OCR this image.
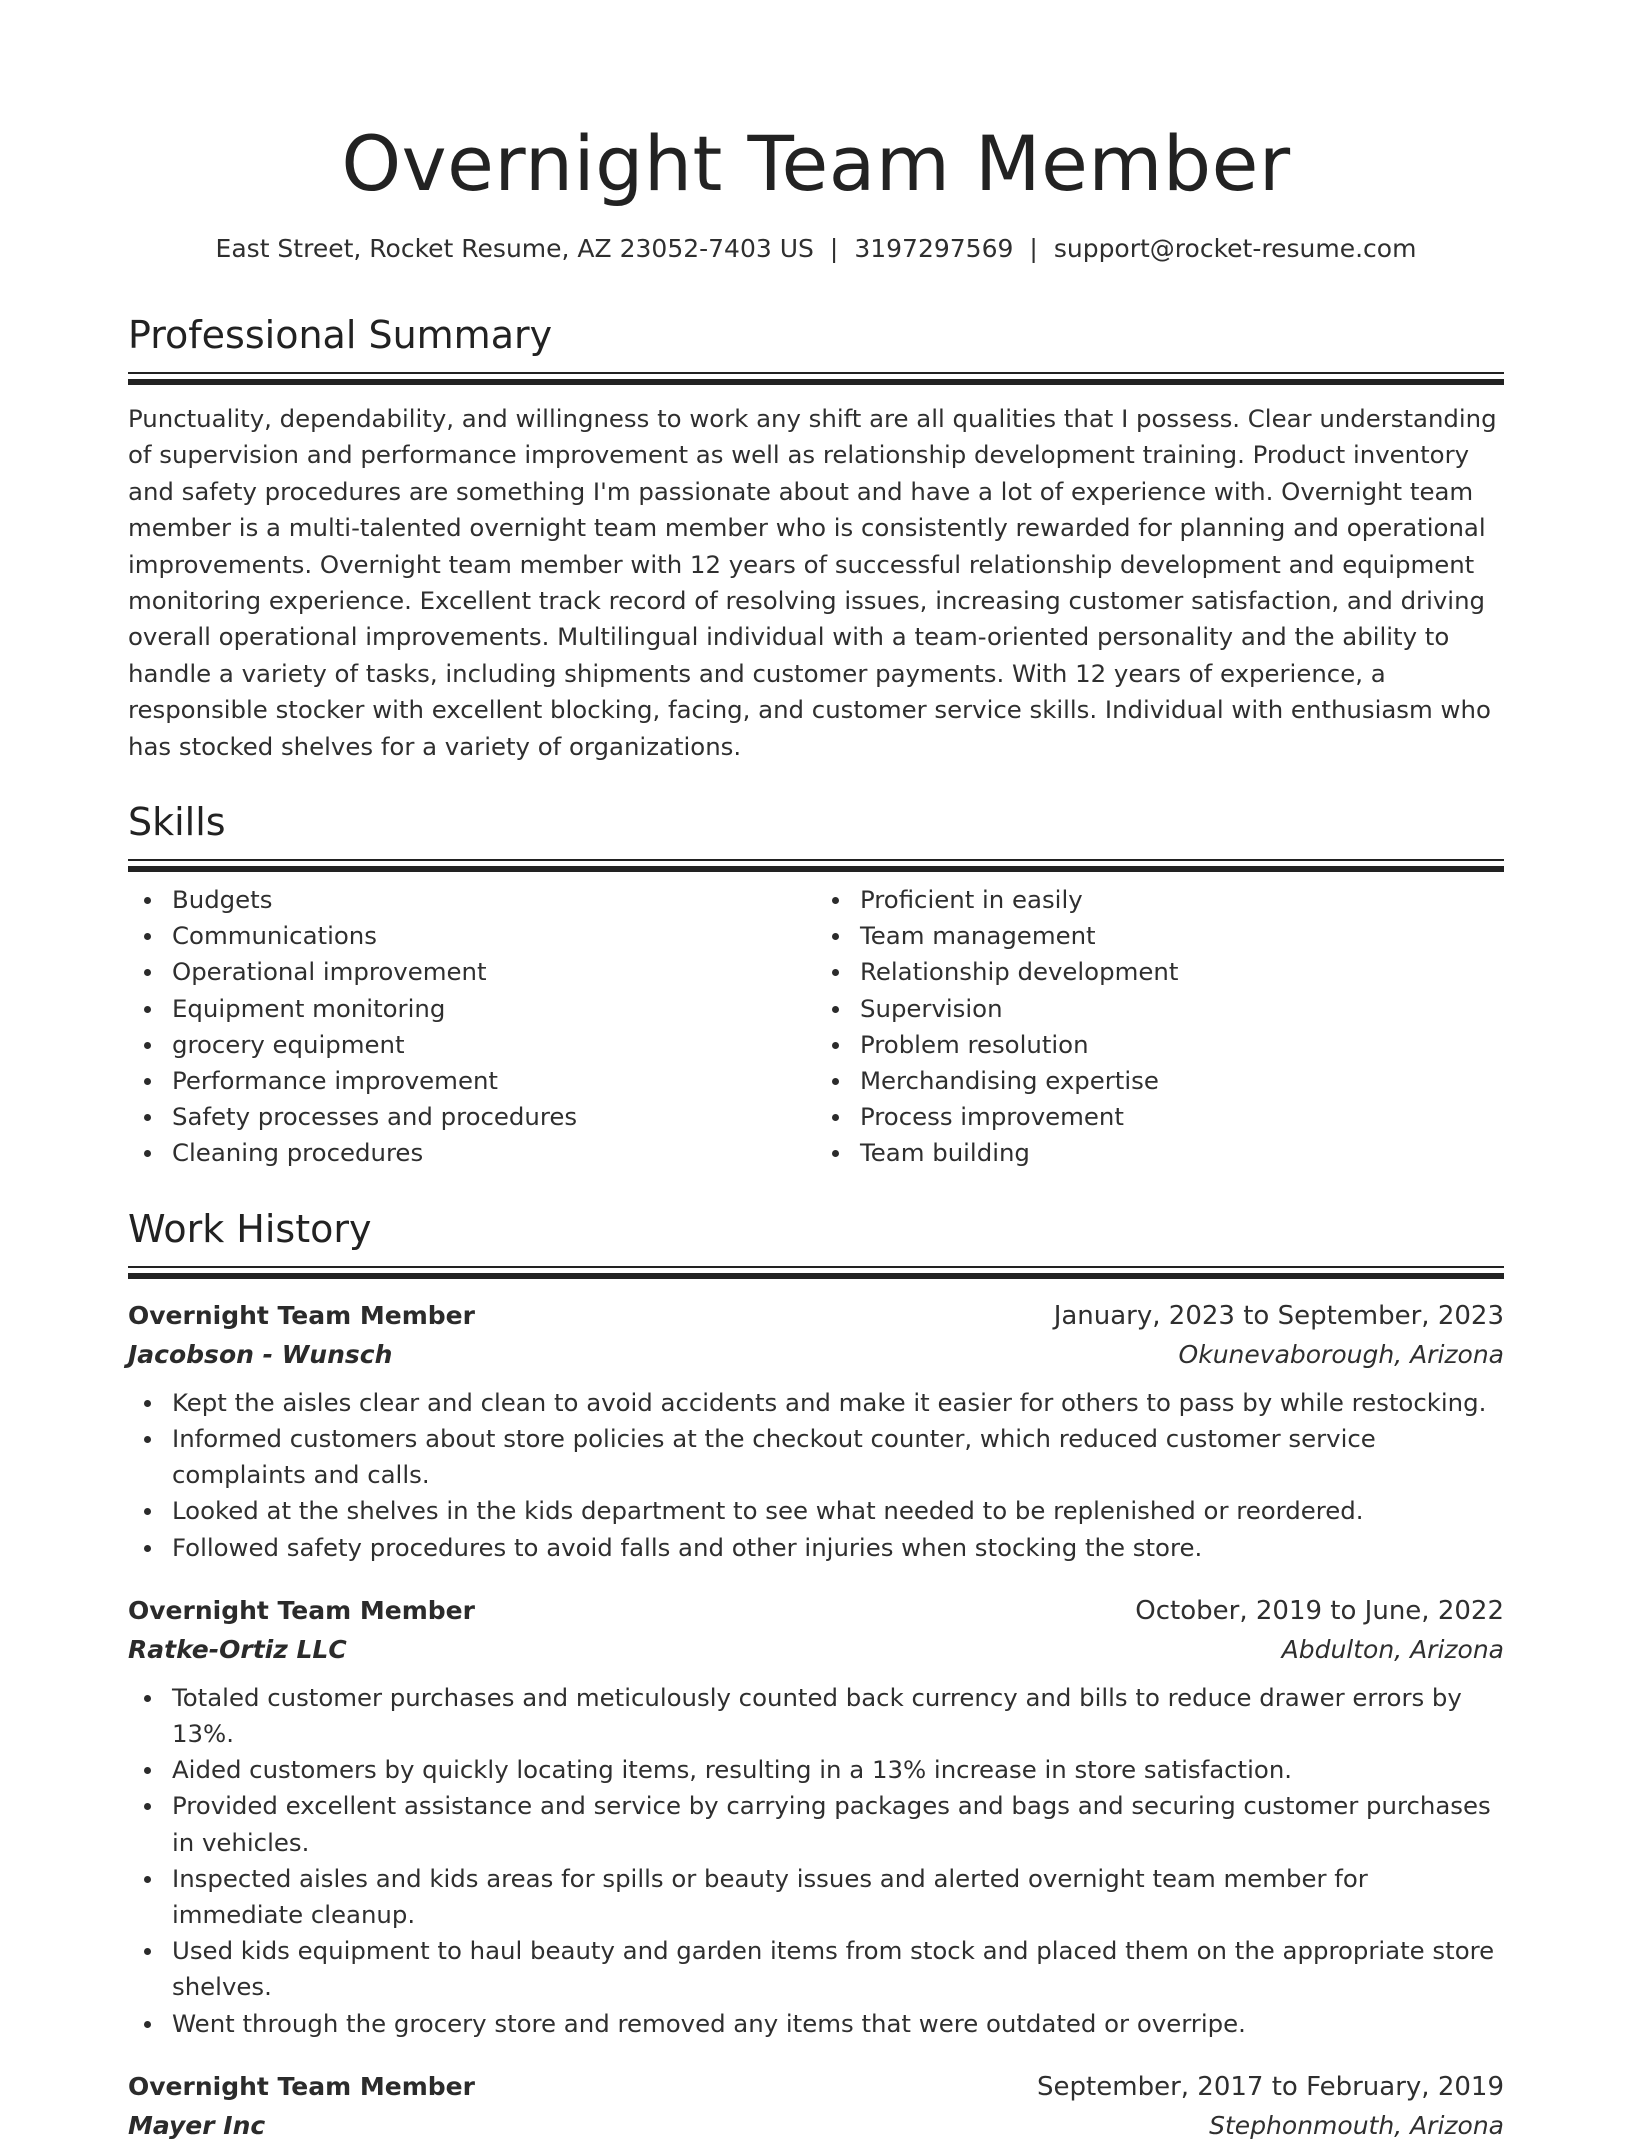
Overnight Team Member
East Street, Rocket Resume, AZ 23052-7403 US | 3197297569 | support@rocket-resume.com
Professional Summary
Punctuality, dependability, and willingness to work any shift are all qualities that I possess. Clear understanding of supervision and performance improvement as well as relationship development training. Product inventory and safety procedures are something I'm passionate about and have a lot of experience with. Overnight team member is a multi-talented overnight team member who is consistently rewarded for planning and operational improvements. Overnight team member with 12 years of successful relationship development and equipment monitoring experience. Excellent track record of resolving issues, increasing customer satisfaction, and driving overall operational improvements. Multilingual individual with a team-oriented personality and the ability to handle a variety of tasks, including shipments and customer payments. With 12 years of experience, a responsible stocker with excellent blocking, facing, and customer service skills. Individual with enthusiasm who has stocked shelves for a variety of organizations.
Skills
Budgets
Communications
Operational improvement
Equipment monitoring
grocery equipment
Performance improvement
Safety processes and procedures
Cleaning procedures
Proficient in easily
Team management
Relationship development
Supervision
Problem resolution
Merchandising expertise
Process improvement
Team building
Work History
Overnight Team Member	January, 2023 to September, 2023
Jacobson - Wunsch	Okunevaborough, Arizona
Kept the aisles clear and clean to avoid accidents and make it easier for others to pass by while restocking.
Informed customers about store policies at the checkout counter, which reduced customer service complaints and calls.
Looked at the shelves in the kids department to see what needed to be replenished or reordered.
Followed safety procedures to avoid falls and other injuries when stocking the store.
Overnight Team Member	October, 2019 to June, 2022
Ratke-Ortiz LLC	Abdulton, Arizona
Totaled customer purchases and meticulously counted back currency and bills to reduce drawer errors by 13%.
Aided customers by quickly locating items, resulting in a 13% increase in store satisfaction.
Provided excellent assistance and service by carrying packages and bags and securing customer purchases in vehicles.
Inspected aisles and kids areas for spills or beauty issues and alerted overnight team member for immediate cleanup.
Used kids equipment to haul beauty and garden items from stock and placed them on the appropriate store shelves.
Went through the grocery store and removed any items that were outdated or overripe.
Overnight Team Member	September, 2017 to February, 2019
Mayer Inc	Stephonmouth, Arizona
